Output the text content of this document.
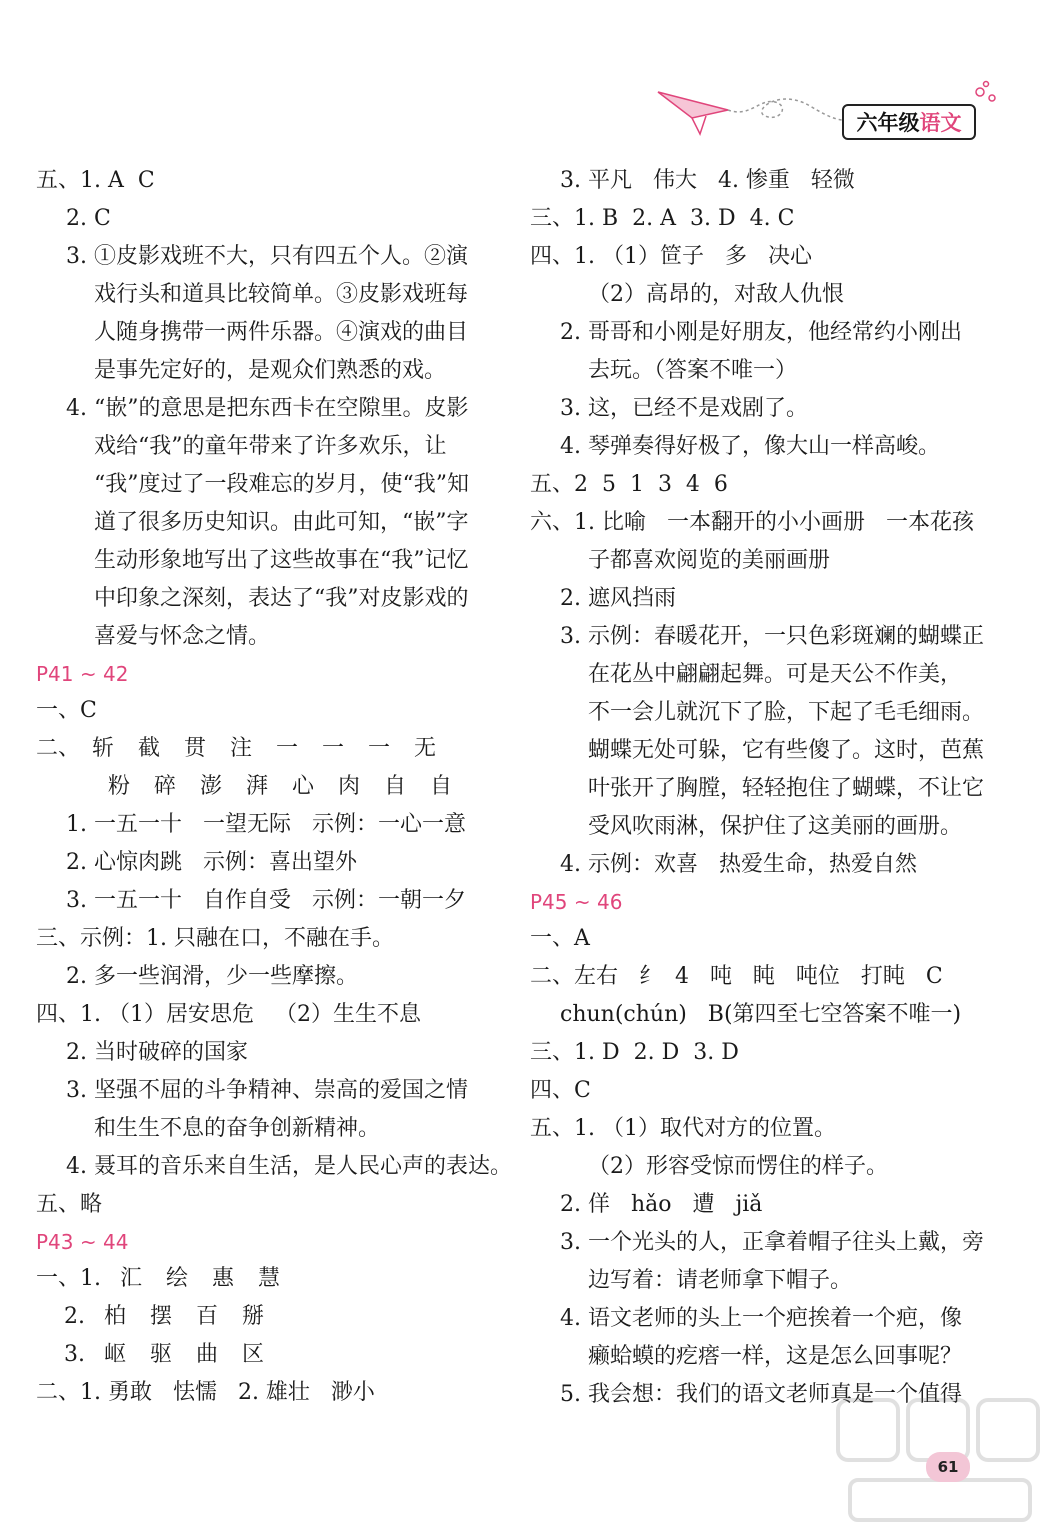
六年级 语文
五、1. A  C
2. C
3. ①皮影戏班不大，只有四五个人。②演
戏行头和道具比较简单。③皮影戏班每
人随身携带一两件乐器。④演戏的曲目
是事先定好的，是观众们熟悉的戏。
4. “嵌”的意思是把东西卡在空隙里。皮影
戏给“我”的童年带来了许多欢乐，让
“我”度过了一段难忘的岁月，使“我”知
道了很多历史知识。由此可知，“嵌”字
生动形象地写出了这些故事在“我”记忆
中印象之深刻，表达了“我”对皮影戏的
喜爱与怀念之情。
P41 ~ 42
一、C
二、 斩	截	贯	注	一	一	一	无
粉	碎	澎	湃	心	肉	自	自
1. 一五一十   一望无际   示例：一心一意
2. 心惊肉跳   示例：喜出望外
3. 一五一十   自作自受   示例：一朝一夕
三、示例：1. 只融在口，不融在手。
2. 多一些润滑，少一些摩擦。
四、1. （1）居安思危   （2）生生不息
2. 当时破碎的国家
3. 坚强不屈的斗争精神、崇高的爱国之情
和生生不息的奋争创新精神。
4. 聂耳的音乐来自生活，是人民心声的表达。
五、略
P43 ~ 44
一、1. 汇	绘	惠	慧
2. 柏	摆	百	掰
3. 岖	驱	曲	区
二、1. 勇敢   怯懦   2. 雄壮   渺小
3. 平凡   伟大   4. 惨重   轻微
三、1. B  2. A  3. D  4. C
四、1. （1）笸子   多   决心
（2）高昂的，对敌人仇恨
2. 哥哥和小刚是好朋友，他经常约小刚出
去玩。（答案不唯一）
3. 这，已经不是戏剧了。
4. 琴弹奏得好极了，像大山一样高峻。
五、2  5  1  3  4  6
六、1. 比喻   一本翻开的小小画册   一本花孩
子都喜欢阅览的美丽画册
2. 遮风挡雨
3. 示例：春暖花开，一只色彩斑斓的蝴蝶正
在花丛中翩翩起舞。可是天公不作美，
不一会儿就沉下了脸，下起了毛毛细雨。
蝴蝶无处可躲，它有些傻了。这时，芭蕉
叶张开了胸膛，轻轻抱住了蝴蝶，不让它
受风吹雨淋，保护住了这美丽的画册。
4. 示例：欢喜   热爱生命，热爱自然
P45 ~ 46
一、A
二、左右   纟  4   吨   盹   吨位   打盹   C
chun(chún)   B(第四至七空答案不唯一)
三、1. D  2. D  3. D
四、C
五、1. （1）取代对方的位置。
（2）形容受惊而愣住的样子。
2. 佯   hǎo   遭   jiǎ
3. 一个光头的人，正拿着帽子往头上戴，旁
边写着：请老师拿下帽子。
4. 语文老师的头上一个疤挨着一个疤，像
癞蛤蟆的疙瘩一样，这是怎么回事呢？
5. 我会想：我们的语文老师真是一个值得
61
